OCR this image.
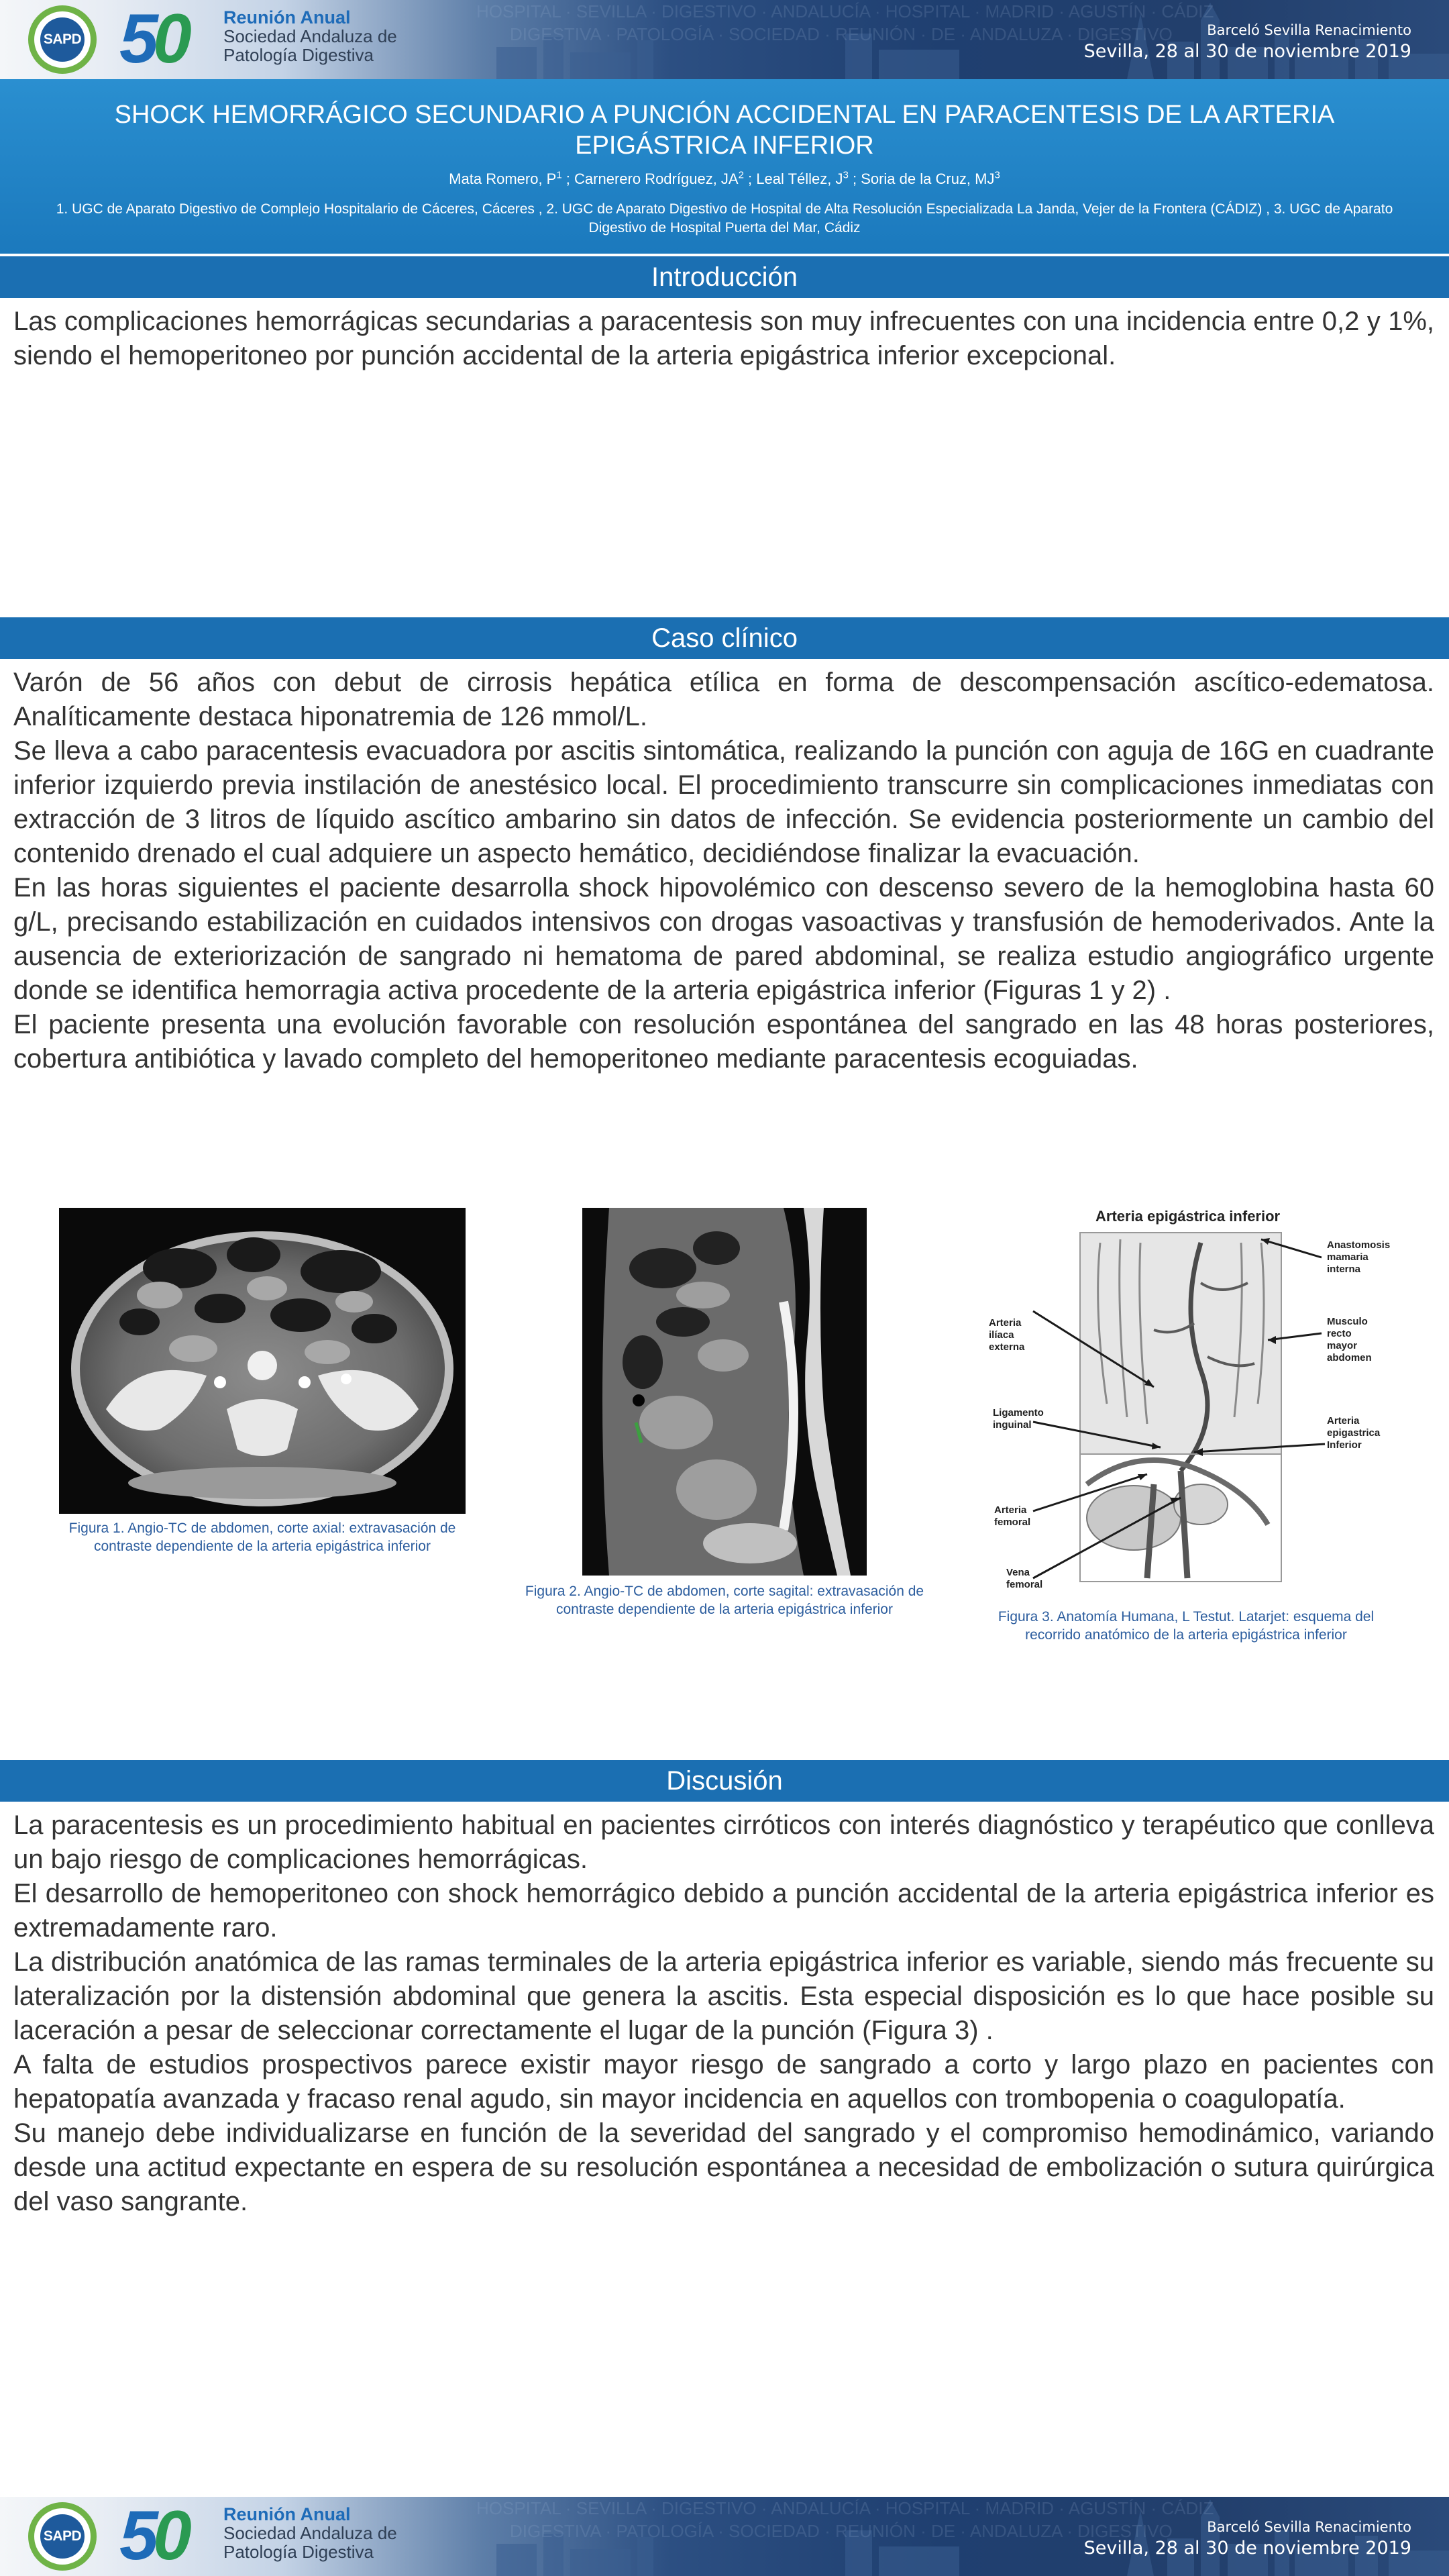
HOSPITAL · SEVILLA · DIGESTIVO · ANDALUCÍA · HOSPITAL · MADRID · AGUSTÍN · CÁDIZ
DIGESTIVA · PATOLOGÍA · SOCIEDAD · REUNIÓN · DE · ANDALUZA · DIGESTIVO
SAPD 50 Reunión Anual
Sociedad Andaluza de
Patología Digestiva
Barceló Sevilla Renacimiento
Sevilla, 28 al 30 de noviembre 2019
SHOCK HEMORRÁGICO SECUNDARIO A PUNCIÓN ACCIDENTAL EN PARACENTESIS DE LA ARTERIA EPIGÁSTRICA INFERIOR
Mata Romero, $P^1$ ; Carnerero Rodríguez, $JA^2$ ; Leal Téllez, $J^3$ ; Soria de la Cruz, $MJ^3$
1. UGC de Aparato Digestivo de Complejo Hospitalario de Cáceres, Cáceres , 2. UGC de Aparato Digestivo de Hospital de Alta Resolución Especializada La Janda, Vejer de la Frontera (CÁDIZ) , 3. UGC de Aparato Digestivo de Hospital Puerta del Mar, Cádiz
Introducción

Las complicaciones hemorrágicas secundarias a paracentesis son muy infrecuentes con una incidencia entre 0,2 y 1%, siendo el hemoperitoneo por punción accidental de la arteria epigástrica inferior excepcional.

Caso clínico

Varón de 56 años con debut de cirrosis hepática etílica en forma de descompensación ascítico-edematosa. Analíticamente destaca hiponatremia de 126 mmol/L.

Se lleva a cabo paracentesis evacuadora por ascitis sintomática, realizando la punción con aguja de 16G en cuadrante inferior izquierdo previa instilación de anestésico local. El procedimiento transcurre sin complicaciones inmediatas con extracción de 3 litros de líquido ascítico ambarino sin datos de infección. Se evidencia posteriormente un cambio del contenido drenado el cual adquiere un aspecto hemático, decidiéndose finalizar la evacuación.

En las horas siguientes el paciente desarrolla shock hipovolémico con descenso severo de la hemoglobina hasta 60 g/L, precisando estabilización en cuidados intensivos con drogas vasoactivas y transfusión de hemoderivados. Ante la ausencia de exteriorización de sangrado ni hematoma de pared abdominal, se realiza estudio angiográfico urgente donde se identifica hemorragia activa procedente de la arteria epigástrica inferior (Figuras 1 y 2) .

El paciente presenta una evolución favorable con resolución espontánea del sangrado en las 48 horas posteriores, cobertura antibiótica y lavado completo del hemoperitoneo mediante paracentesis ecoguiadas.

Figura 1. Angio-TC de abdomen, corte axial: extravasación de contraste dependiente de la arteria epigástrica inferior
Figura 2. Angio-TC de abdomen, corte sagital: extravasación de contraste dependiente de la arteria epigástrica inferior
Arteria epigástrica inferior
Anastomosis mamaria interna
Musculo recto mayor abdomen
Arteria ilíaca externa
Arteria epigastrica Inferior
Ligamento inguinal
Arteria femoral
Vena femoral
Figura 3. Anatomía Humana, L Testut. Latarjet: esquema del recorrido anatómico de la arteria epigástrica inferior
Discusión

La paracentesis es un procedimiento habitual en pacientes cirróticos con interés diagnóstico y terapéutico que conlleva un bajo riesgo de complicaciones hemorrágicas.

El desarrollo de hemoperitoneo con shock hemorrágico debido a punción accidental de la arteria epigástrica inferior es extremadamente raro.

La distribución anatómica de las ramas terminales de la arteria epigástrica inferior es variable, siendo más frecuente su lateralización por la distensión abdominal que genera la ascitis. Esta especial disposición es lo que hace posible su laceración a pesar de seleccionar correctamente el lugar de la punción (Figura 3) .

A falta de estudios prospectivos parece existir mayor riesgo de sangrado a corto y largo plazo en pacientes con hepatopatía avanzada y fracaso renal agudo, sin mayor incidencia en aquellos con trombopenia o coagulopatía.

Su manejo debe individualizarse en función de la severidad del sangrado y el compromiso hemodinámico, variando desde una actitud expectante en espera de su resolución espontánea a necesidad de embolización o sutura quirúrgica del vaso sangrante.

HOSPITAL · SEVILLA · DIGESTIVO · ANDALUCÍA · HOSPITAL · MADRID · AGUSTÍN · CÁDIZ
DIGESTIVA · PATOLOGÍA · SOCIEDAD · REUNIÓN · DE · ANDALUZA · DIGESTIVO
SAPD 50 Reunión Anual
Sociedad Andaluza de
Patología Digestiva
Barceló Sevilla Renacimiento
Sevilla, 28 al 30 de noviembre 2019
